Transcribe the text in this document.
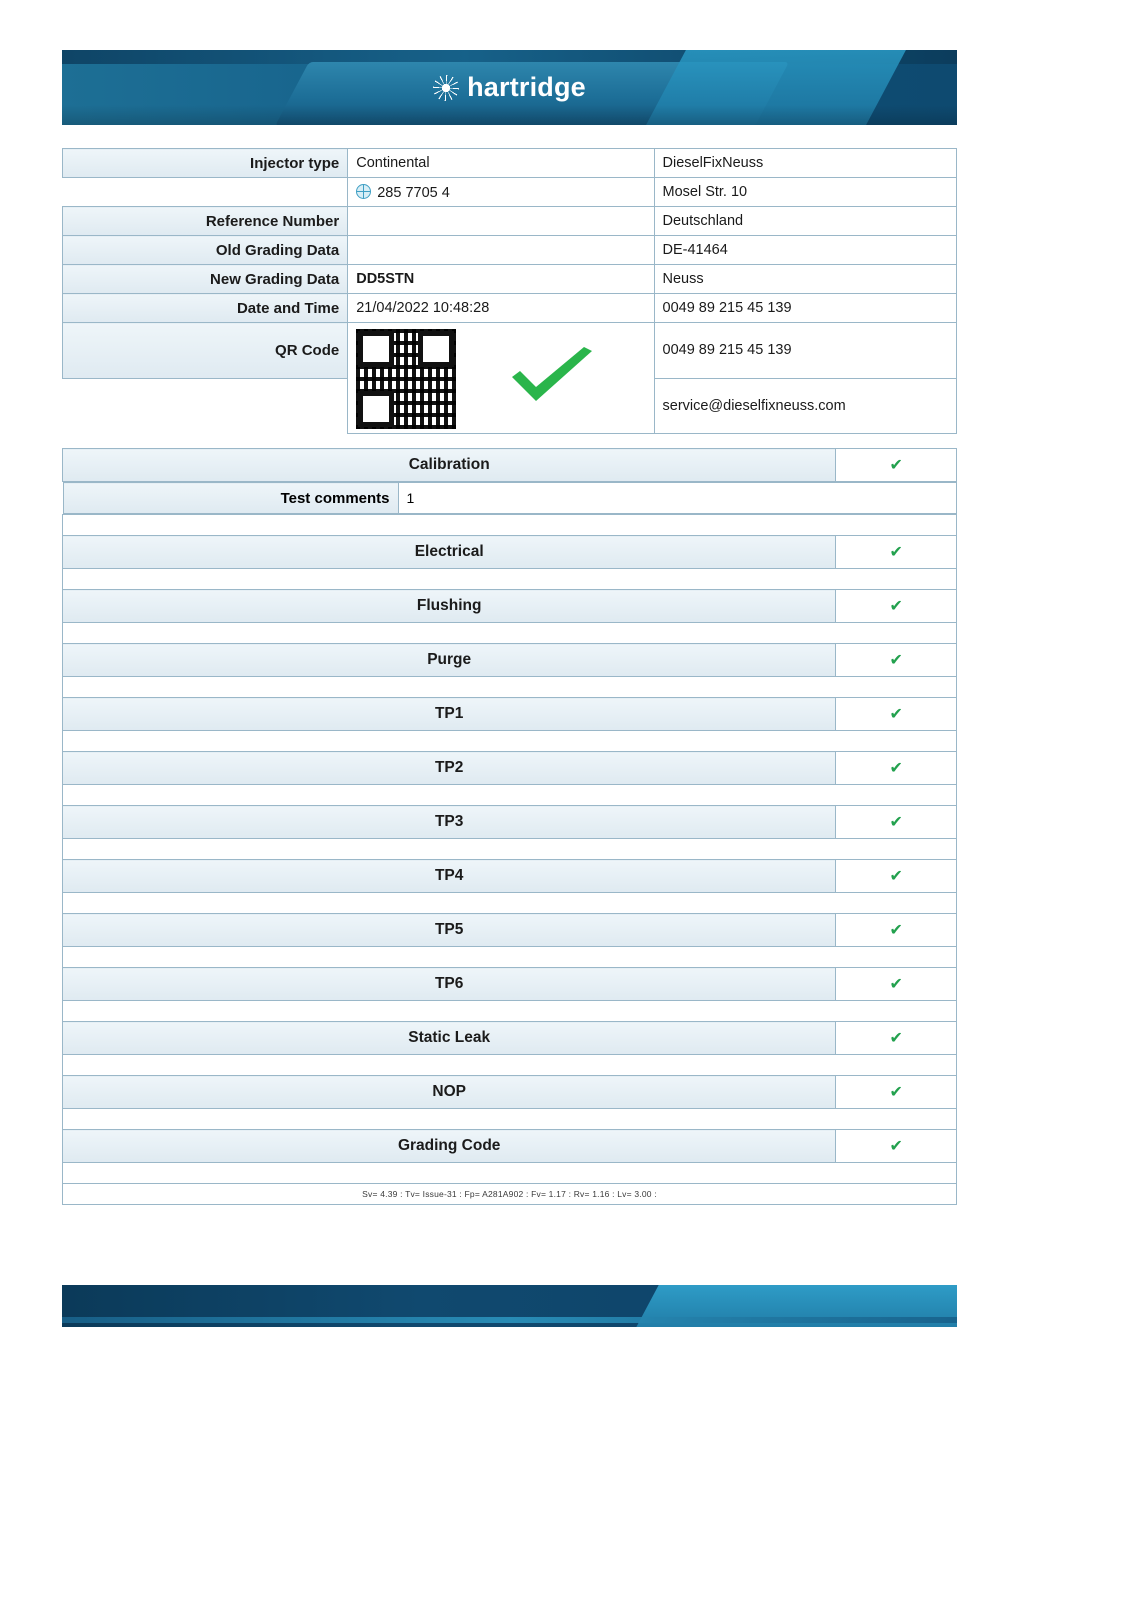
hartridge
Injector type	Continental	DieselFixNeuss
	285 7705 4	Mosel Str. 10
Reference Number		Deutschland
Old Grading Data		DE-41464
New Grading Data	DD5STN	Neuss
Date and Time	21/04/2022 10:48:28	0049 89 215 45 139
QR Code		0049 89 215 45 139
		service@dieselfixneuss.com

Calibration	✔

Test comments	1

Electrical	✔

Flushing	✔

Purge	✔

TP1	✔

TP2	✔

TP3	✔

TP4	✔

TP5	✔

TP6	✔

Static Leak	✔

NOP	✔

Grading Code	✔

Sv= 4.39 : Tv= Issue-31 : Fp= A281A902 : Fv= 1.17 : Rv= 1.16 : Lv= 3.00 :
